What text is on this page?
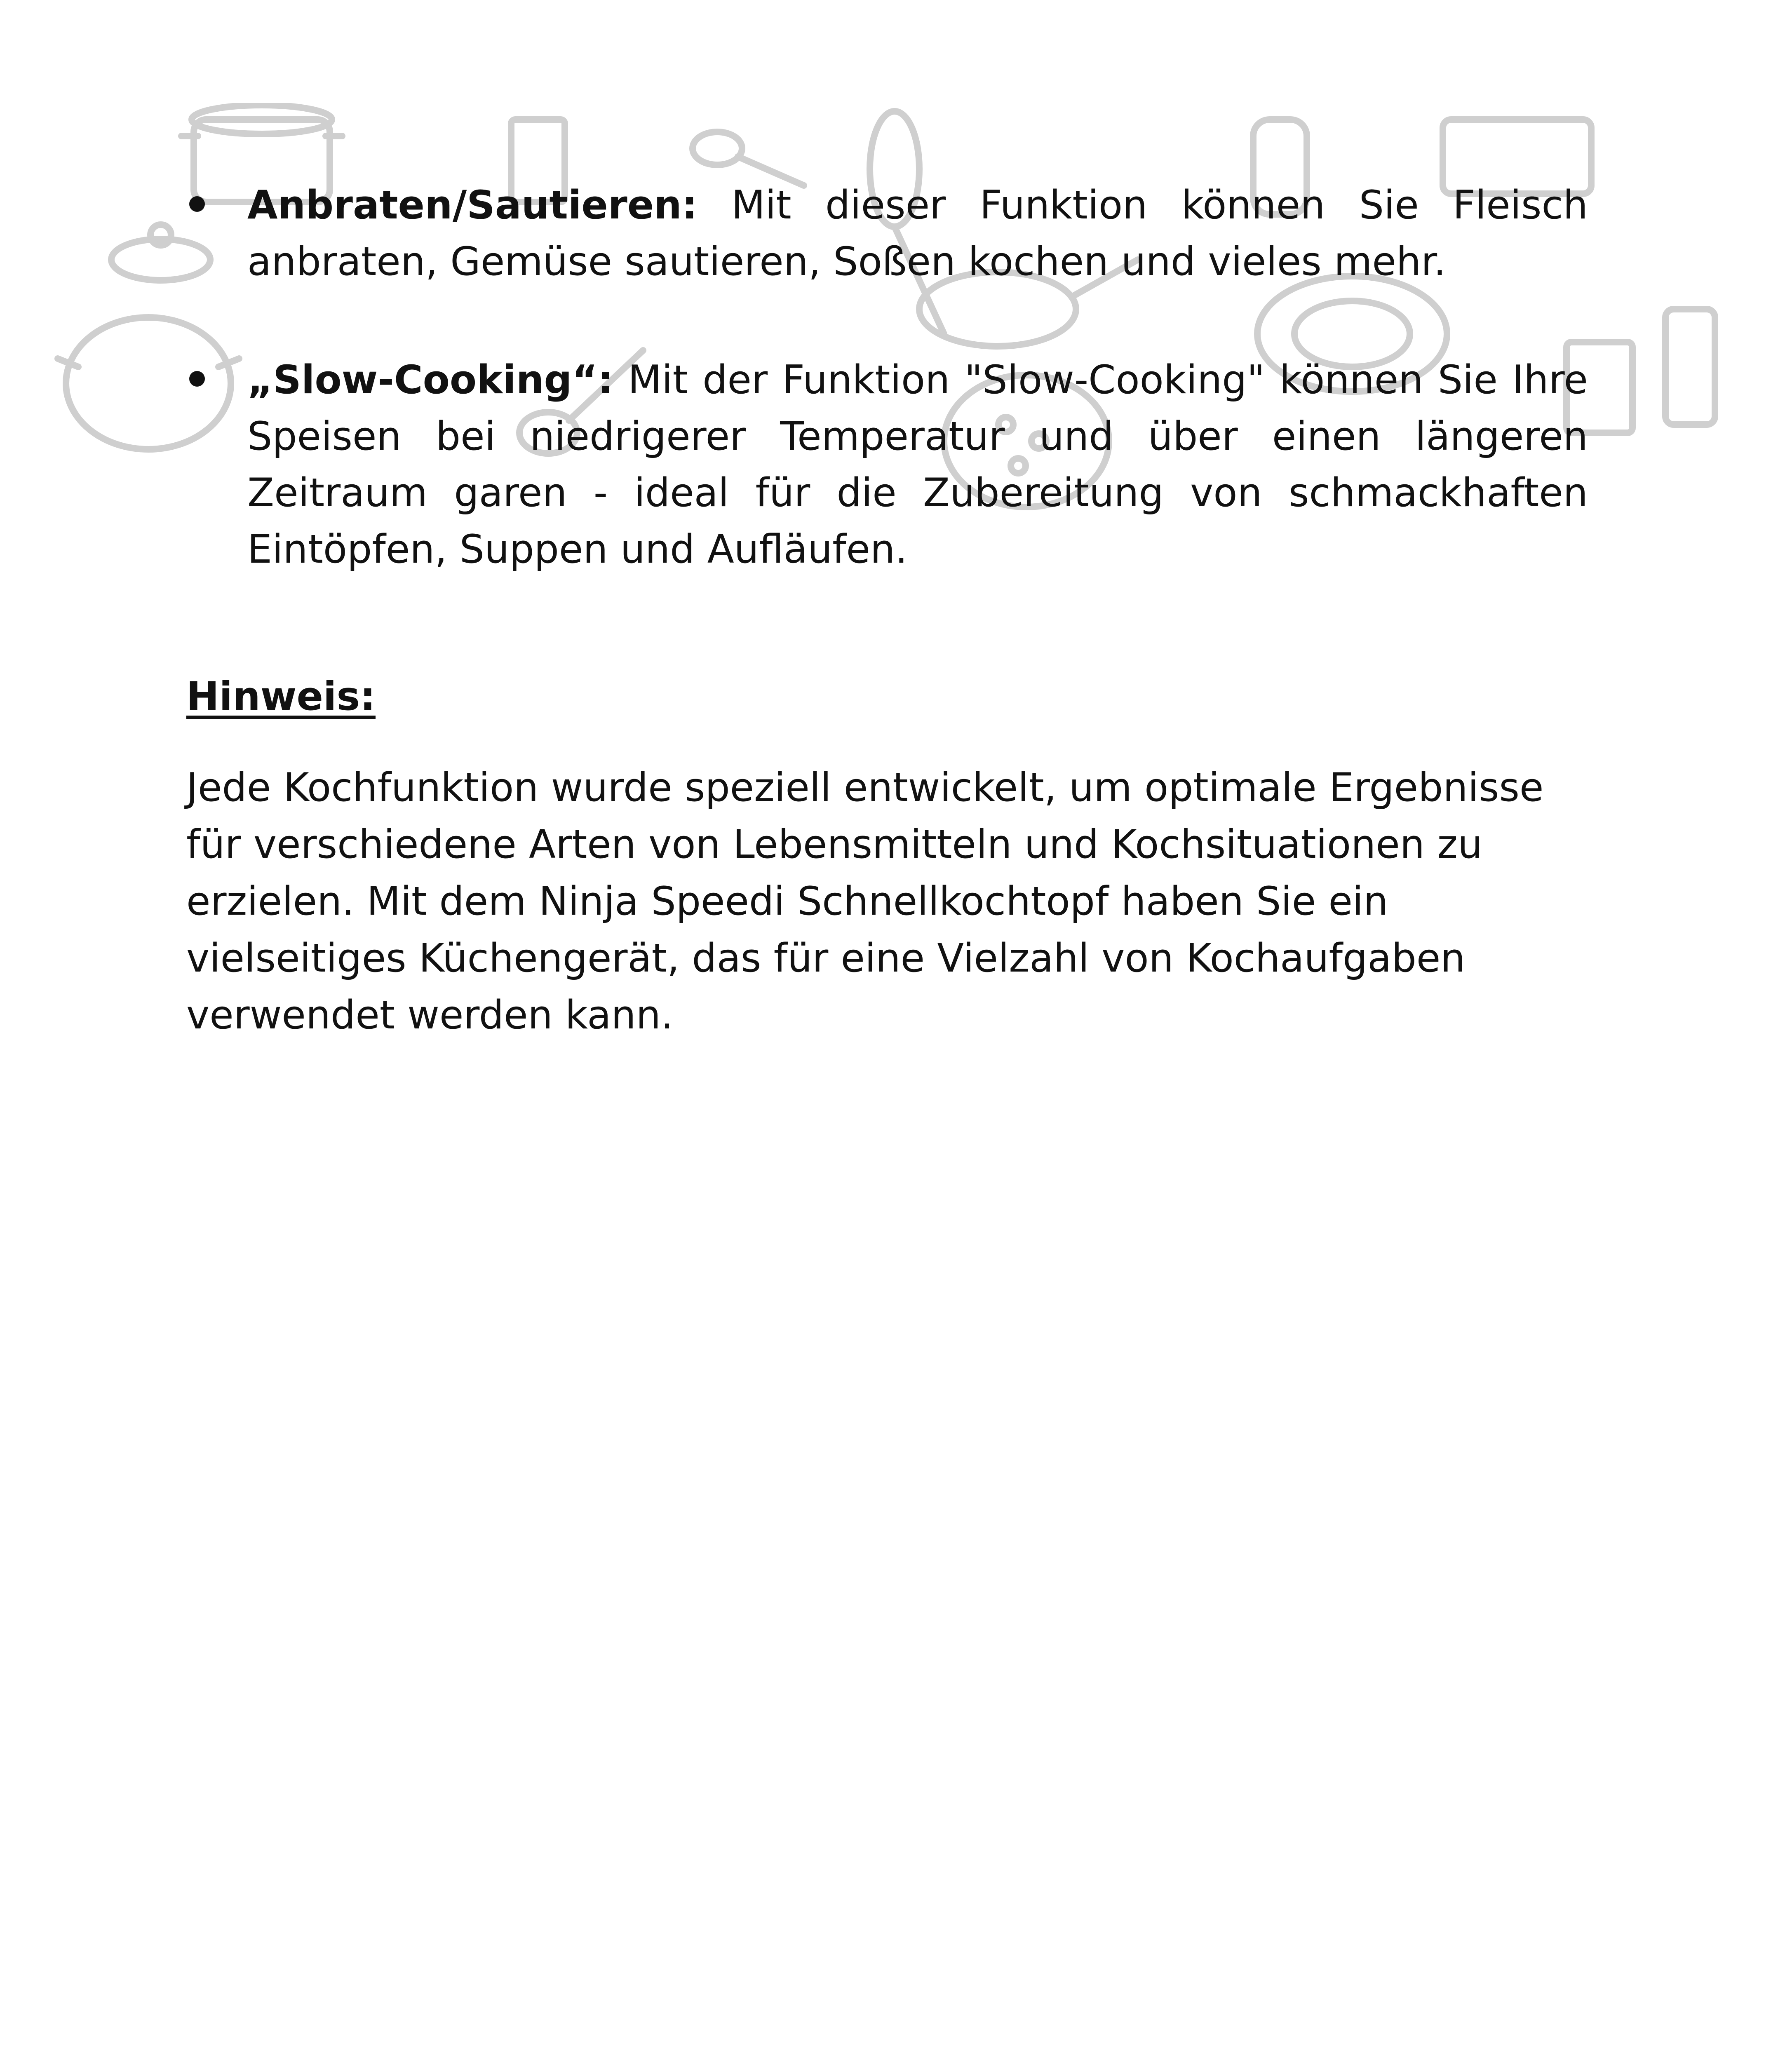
Anbraten/Sautieren: Mit dieser Funktion können Sie Fleisch anbraten, Gemüse sautieren, Soßen kochen und vieles mehr.

„Slow-Cooking“: Mit der Funktion "Slow-Cooking" können Sie Ihre Speisen bei niedrigerer Temperatur und über einen längeren Zeitraum garen - ideal für die Zubereitung von schmackhaften Eintöpfen, Suppen und Aufläufen.

Hinweis:

Jede Kochfunktion wurde speziell entwickelt, um optimale Ergebnisse für verschiedene Arten von Lebensmitteln und Kochsituationen zu erzielen. Mit dem Ninja Speedi Schnellkochtopf haben Sie ein vielseitiges Küchengerät, das für eine Vielzahl von Kochaufgaben verwendet werden kann.
